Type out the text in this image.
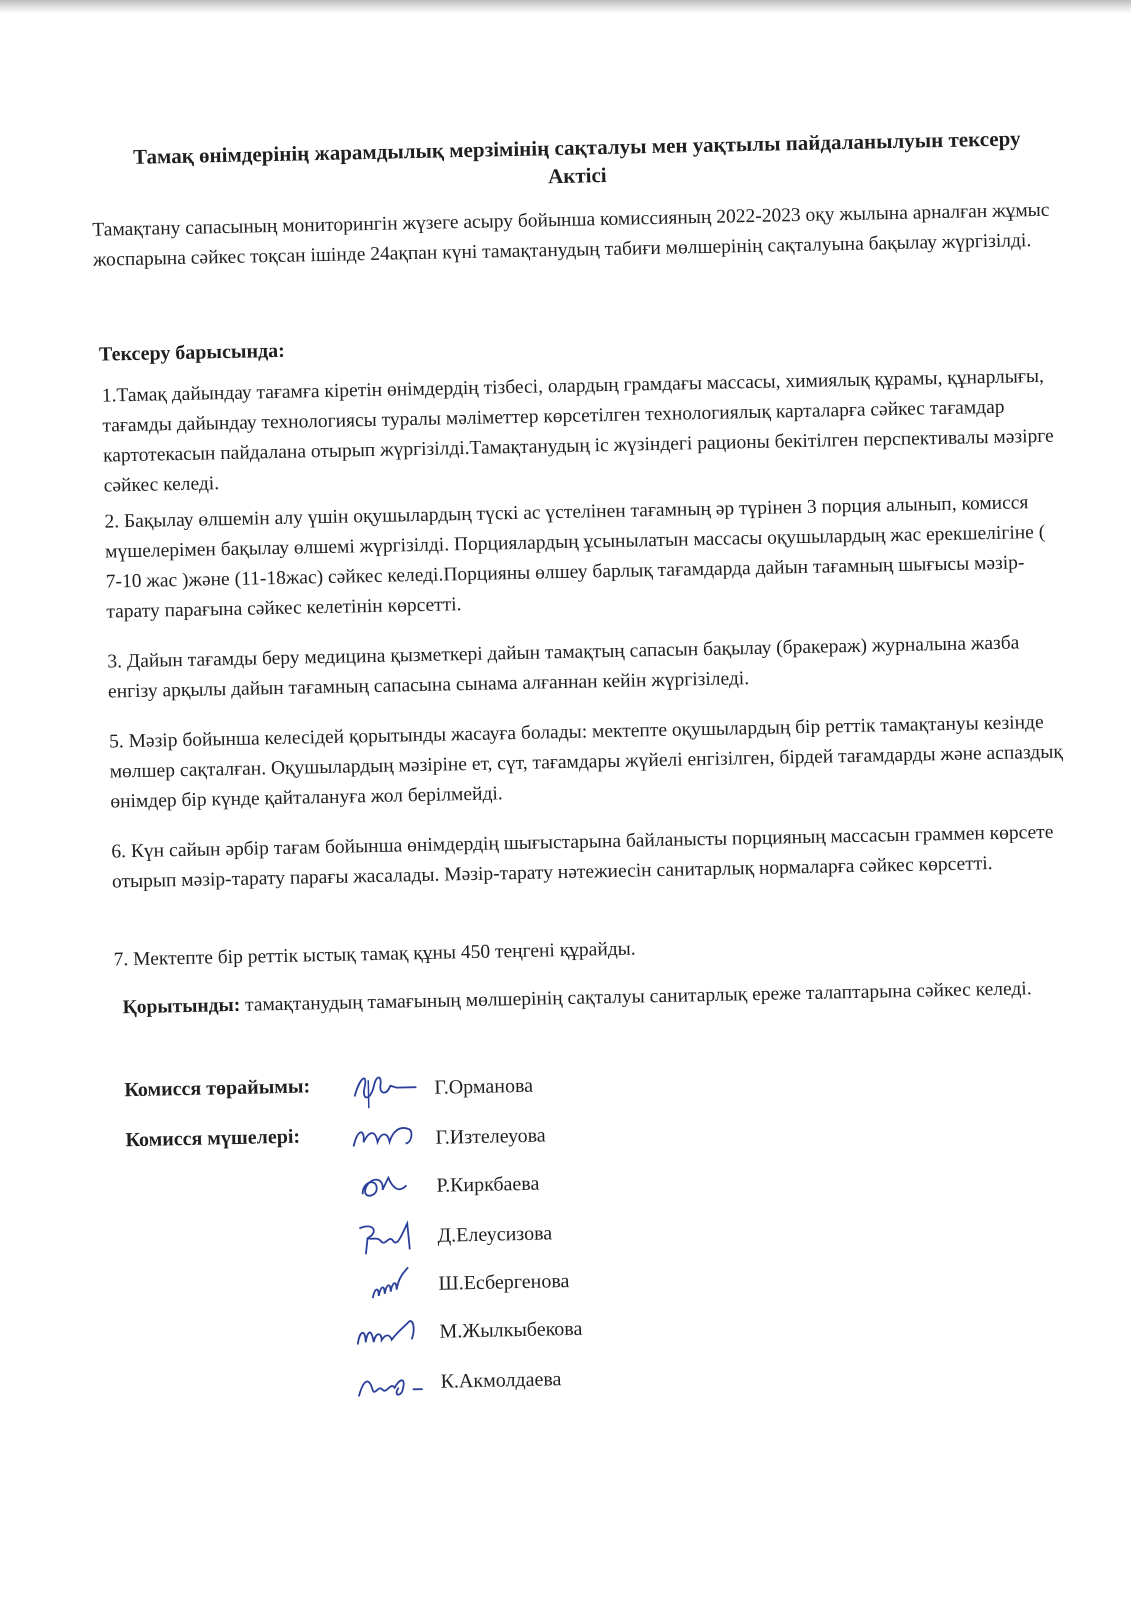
Тамақ өнімдерінің жарамдылық мерзімінің сақталуы мен уақтылы пайдаланылуын тексеру
Актісі

Тамақтану сапасының мониторингін жүзеге асыру бойынша комиссияның 2022-2023 оқу жылына арналған жұмыс жоспарына сәйкес тоқсан ішінде 24ақпан күні тамақтанудың табиғи мөлшерінің сақталуына бақылау жүргізілді.

Тексеру барысында:

1.Тамақ дайындау тағамға кіретін өнімдердің тізбесі, олардың грамдағы массасы, химиялық құрамы, құнарлығы, тағамды дайындау технологиясы туралы мәліметтер көрсетілген технологиялық карталарға сәйкес тағамдар картотекасын пайдалана отырып жүргізілді.Тамақтанудың іс жүзіндегі рационы бекітілген перспективалы мәзірге сәйкес келеді.

2. Бақылау өлшемін алу үшін оқушылардың түскі ас үстелінен тағамның әр түрінен 3 порция алынып, комисся мүшелерімен бақылау өлшемі жүргізілді. Порциялардың ұсынылатын массасы оқушылардың жас ерекшелігіне ( 7-10 жас )және (11-18жас) сәйкес келеді.Порцияны өлшеу барлық тағамдарда дайын тағамның шығысы мәзір-тарату парағына сәйкес келетінін көрсетті.

3. Дайын тағамды беру медицина қызметкері дайын тамақтың сапасын бақылау (бракераж) журналына жазба енгізу арқылы дайын тағамның сапасына сынама алғаннан кейін жүргізіледі.

5. Мәзір бойынша келесідей қорытынды жасауға болады: мектепте оқушылардың бір реттік тамақтануы кезінде мөлшер сақталған. Оқушылардың мәзіріне ет, сүт, тағамдары жүйелі енгізілген, бірдей тағамдарды және аспаздық өнімдер бір күнде қайталануға жол берілмейді.

6. Күн сайын әрбір тағам бойынша өнімдердің шығыстарына байланысты порцияның массасын граммен көрсете отырып мәзір-тарату парағы жасалады. Мәзір-тарату нәтежиесін санитарлық нормаларға сәйкес көрсетті.

7. Мектепте бір реттік ыстық тамақ құны 450 теңгені құрайды.

Қорытынды: тамақтанудың тамағының мөлшерінің сақталуы санитарлық ереже талаптарына сәйкес келеді.

Комисся төрайымы:
Комисся мүшелері:
Г.Орманова
Г.Изтелеуова
Р.Киркбаева
Д.Елеусизова
Ш.Есбергенова
М.Жылкыбекова
К.Акмолдаева
